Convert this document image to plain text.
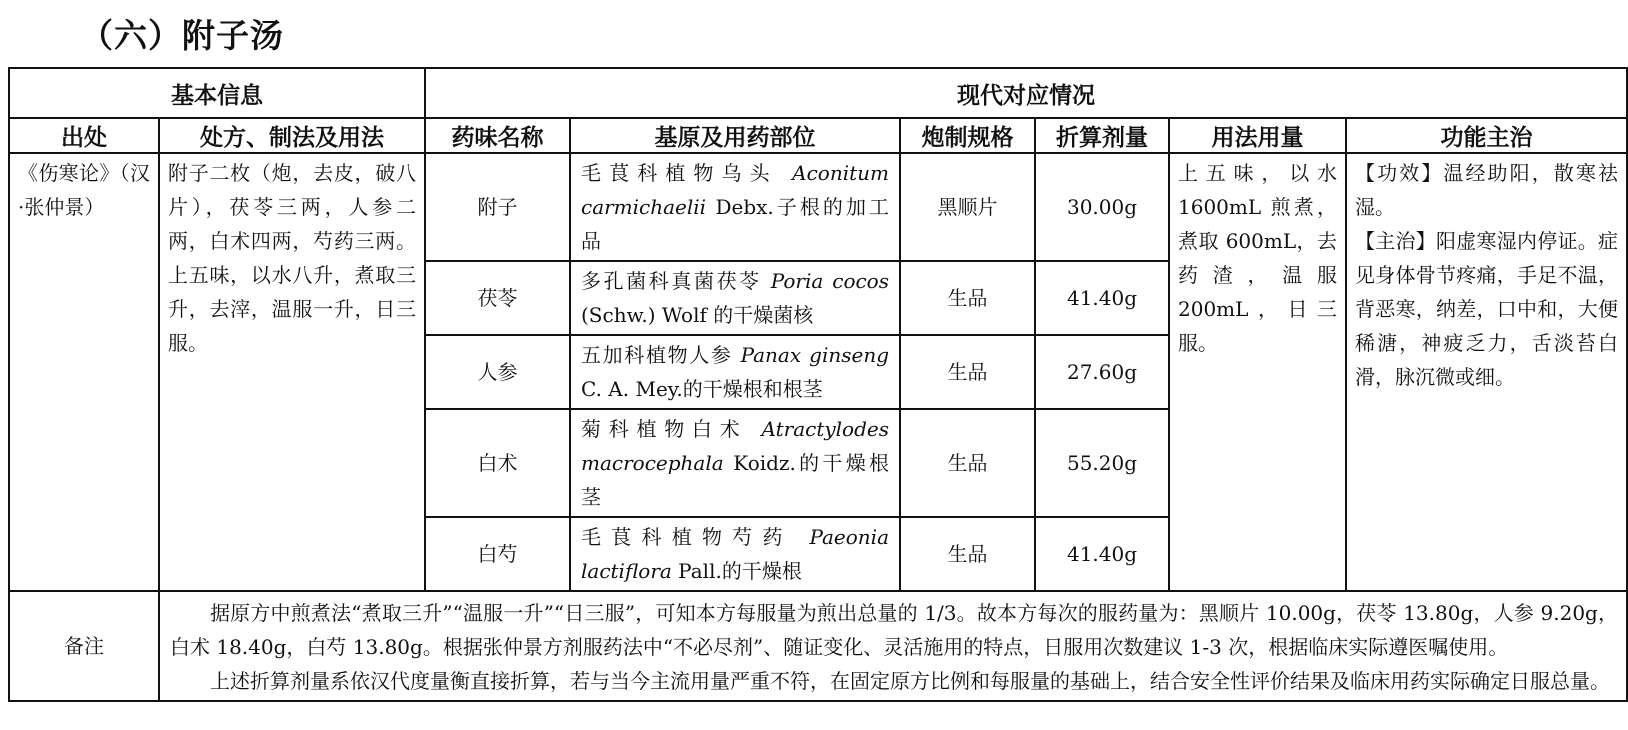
（六）附子汤
基本信息		现代对应情况					
出处	处方、制法及用法	药味名称	基原及用药部位	炮制规格	折算剂量	用法用量	功能主治
《伤寒论》（汉·张仲景）	附子二枚（炮，去皮，破八片），茯苓三两，人参二两，白术四两，芍药三两。上五味，以水八升，煮取三升，去滓，温服一升，日三服。	附子	毛茛科植物乌头 Aconitum carmichaelii Debx.子根的加工品	黑顺片	30.00g	上五味，以水 1600mL 煎煮，煮取 600mL，去药渣，温服 200mL，日三服。	【功效】温经助阳，散寒祛湿。
【主治】阳虚寒湿内停证。症见身体骨节疼痛，手足不温，背恶寒，纳差，口中和，大便稀溏，神疲乏力，舌淡苔白滑，脉沉微或细。

		茯苓	多孔菌科真菌茯苓 Poria cocos (Schw.) Wolf 的干燥菌核	生品	41.40g		
		人参	五加科植物人参 Panax ginseng C. A. Mey.的干燥根和根茎	生品	27.60g		
		白术	菊科植物白术 Atractylodes macrocephala Koidz.的干燥根茎	生品	55.20g		
		白芍	毛茛科植物芍药 Paeonia lactiflora Pall.的干燥根	生品	41.40g		
备注	据原方中煎煮法“煮取三升”“温服一升”“日三服”，可知本方每服量为煎出总量的 1/3。故本方每次的服药量为：黑顺片 10.00g，茯苓 13.80g，人参 9.20g，白术 18.40g，白芍 13.80g。根据张仲景方剂服药法中“不必尽剂”、随证变化、灵活施用的特点，日服用次数建议 1-3 次，根据临床实际遵医嘱使用。

上述折算剂量系依汉代度量衡直接折算，若与当今主流用量严重不符，在固定原方比例和每服量的基础上，结合安全性评价结果及临床用药实际确定日服总量。						
